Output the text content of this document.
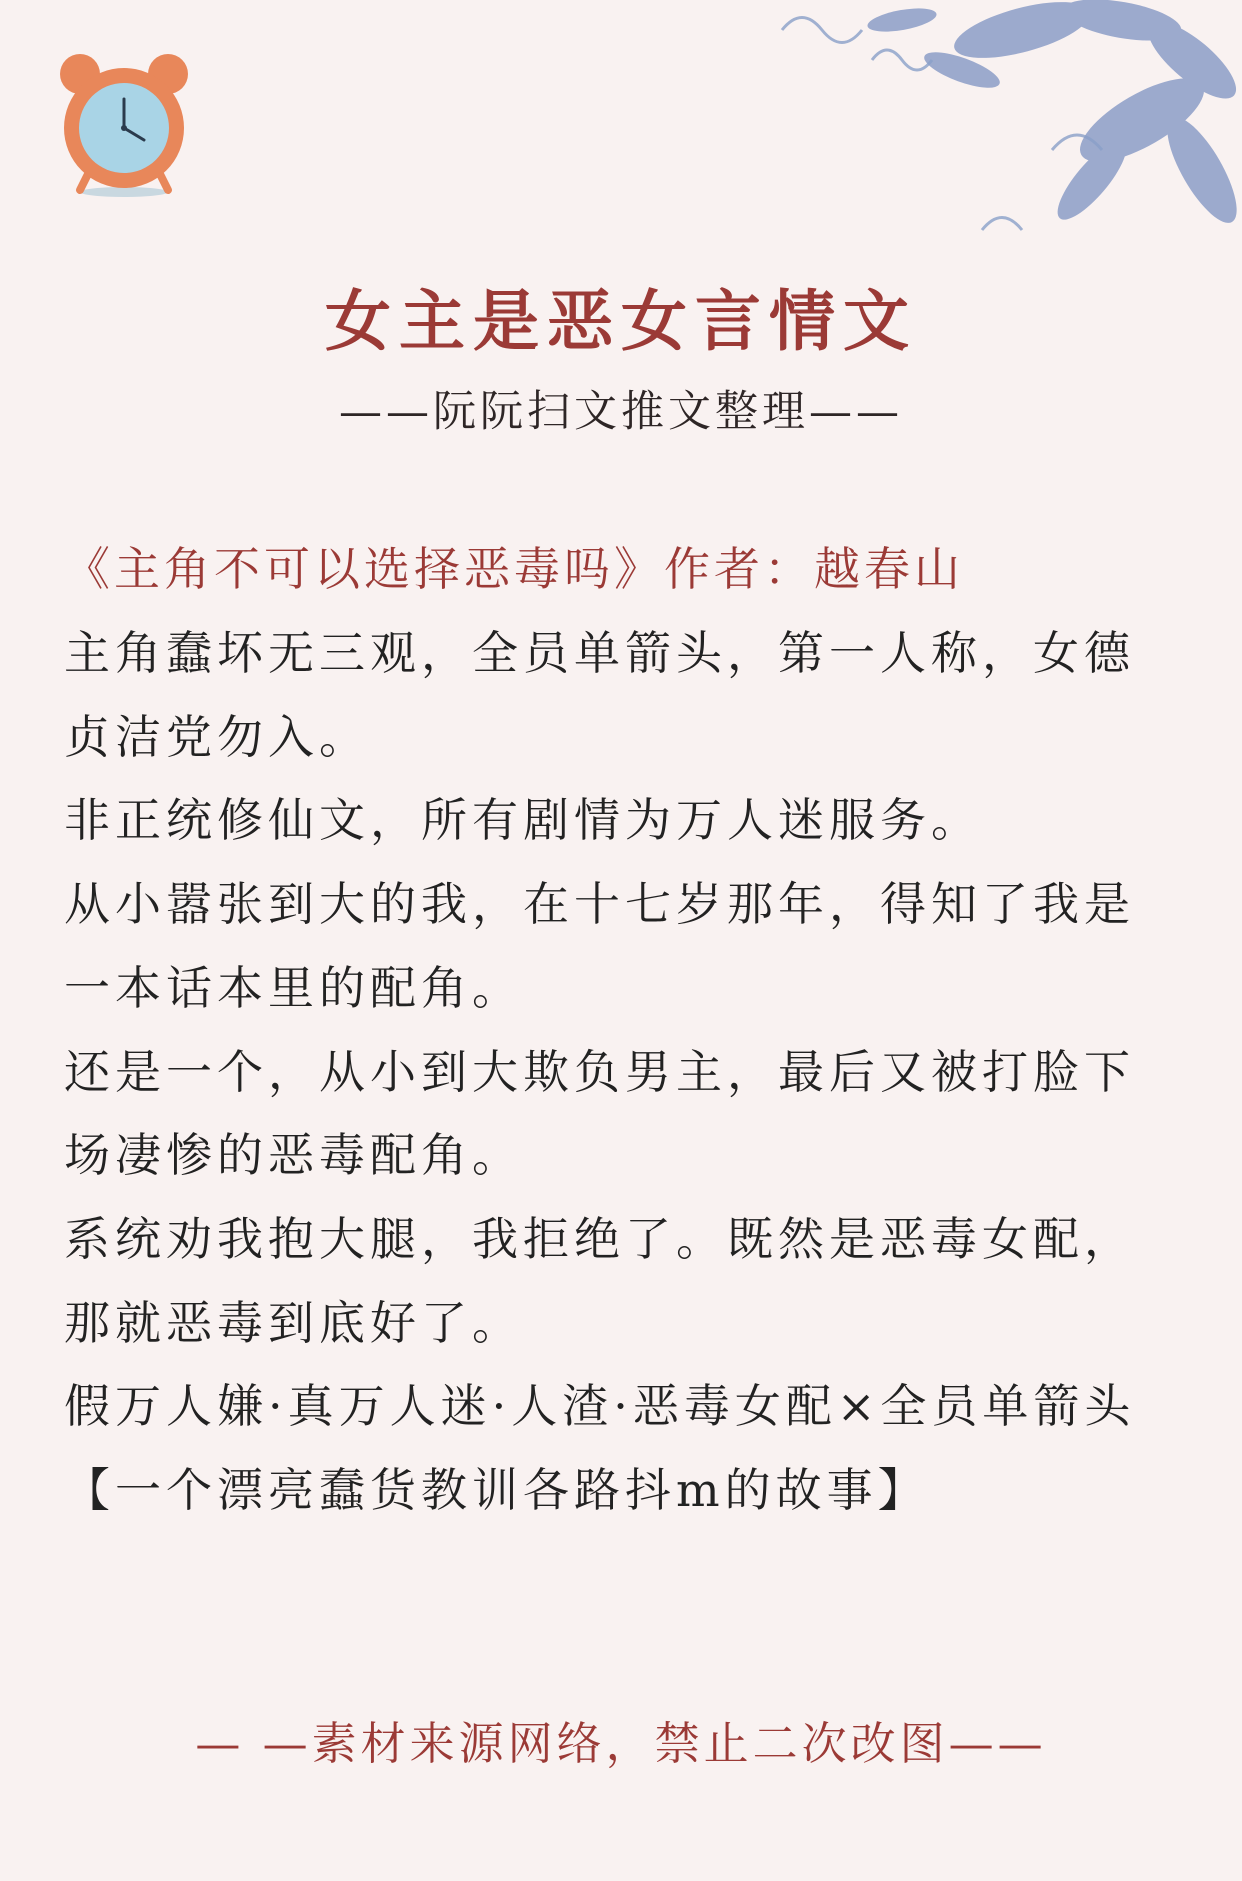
女主是恶女言情文
——阮阮扫文推文整理——
《主角不可以选择恶毒吗》作者：越春山

主角蠢坏无三观，全员单箭头，第一人称，女德贞洁党勿入。

非正统修仙文，所有剧情为万人迷服务。

从小嚣张到大的我，在十七岁那年，得知了我是一本话本里的配角。

还是一个，从小到大欺负男主，最后又被打脸下场凄惨的恶毒配角。

系统劝我抱大腿，我拒绝了。既然是恶毒女配，那就恶毒到底好了。

假万人嫌·真万人迷·人渣·恶毒女配×全员单箭头

【一个漂亮蠢货教训各路抖m的故事】

— —素材来源网络，禁止二次改图——
